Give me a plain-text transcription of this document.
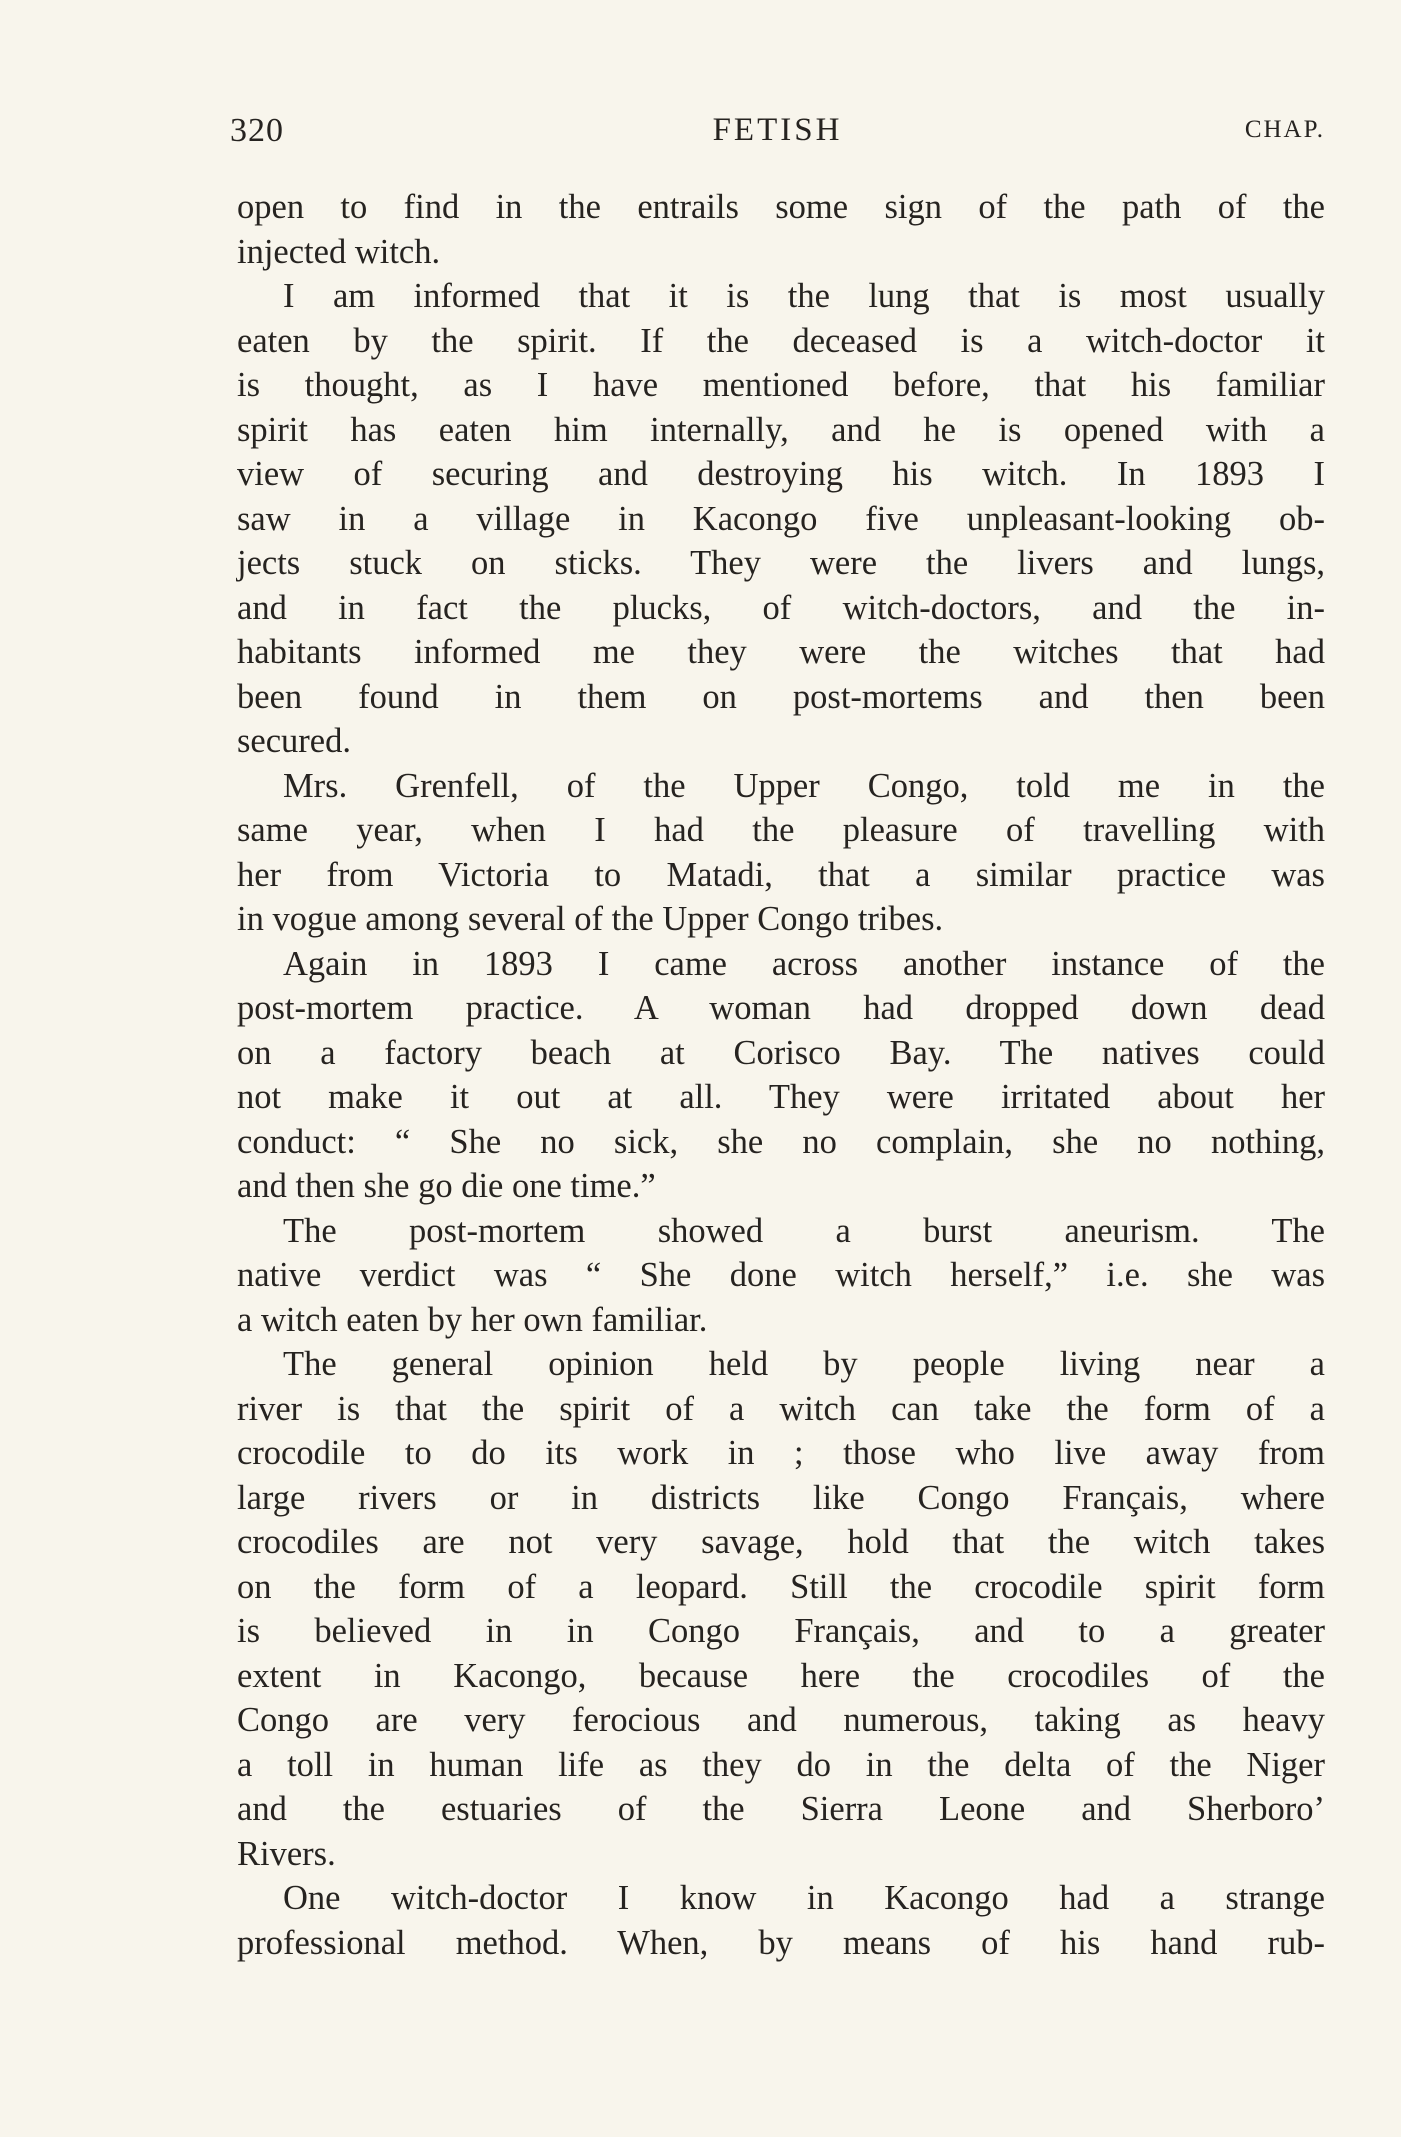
320	FETISH	CHAP.
open to find in the entrails some sign of the path of the
injected witch.
I am informed that it is the lung that is most usually
eaten by the spirit. If the deceased is a witch-doctor it
is thought, as I have mentioned before, that his familiar
spirit has eaten him internally, and he is opened with a
view of securing and destroying his witch. In 1893 I
saw in a village in Kacongo five unpleasant-looking ob-
jects stuck on sticks. They were the livers and lungs,
and in fact the plucks, of witch-doctors, and the in-
habitants informed me they were the witches that had
been found in them on post-mortems and then been
secured.
Mrs. Grenfell, of the Upper Congo, told me in the
same year, when I had the pleasure of travelling with
her from Victoria to Matadi, that a similar practice was
in vogue among several of the Upper Congo tribes.
Again in 1893 I came across another instance of the
post-mortem practice. A woman had dropped down dead
on a factory beach at Corisco Bay. The natives could
not make it out at all. They were irritated about her
conduct: “ She no sick, she no complain, she no nothing,
and then she go die one time.”
The post-mortem showed a burst aneurism. The
native verdict was “ She done witch herself,” i.e. she was
a witch eaten by her own familiar.
The general opinion held by people living near a
river is that the spirit of a witch can take the form of a
crocodile to do its work in ; those who live away from
large rivers or in districts like Congo Français, where
crocodiles are not very savage, hold that the witch takes
on the form of a leopard. Still the crocodile spirit form
is believed in in Congo Français, and to a greater
extent in Kacongo, because here the crocodiles of the
Congo are very ferocious and numerous, taking as heavy
a toll in human life as they do in the delta of the Niger
and the estuaries of the Sierra Leone and Sherboro’
Rivers.
One witch-doctor I know in Kacongo had a strange
professional method. When, by means of his hand rub-
